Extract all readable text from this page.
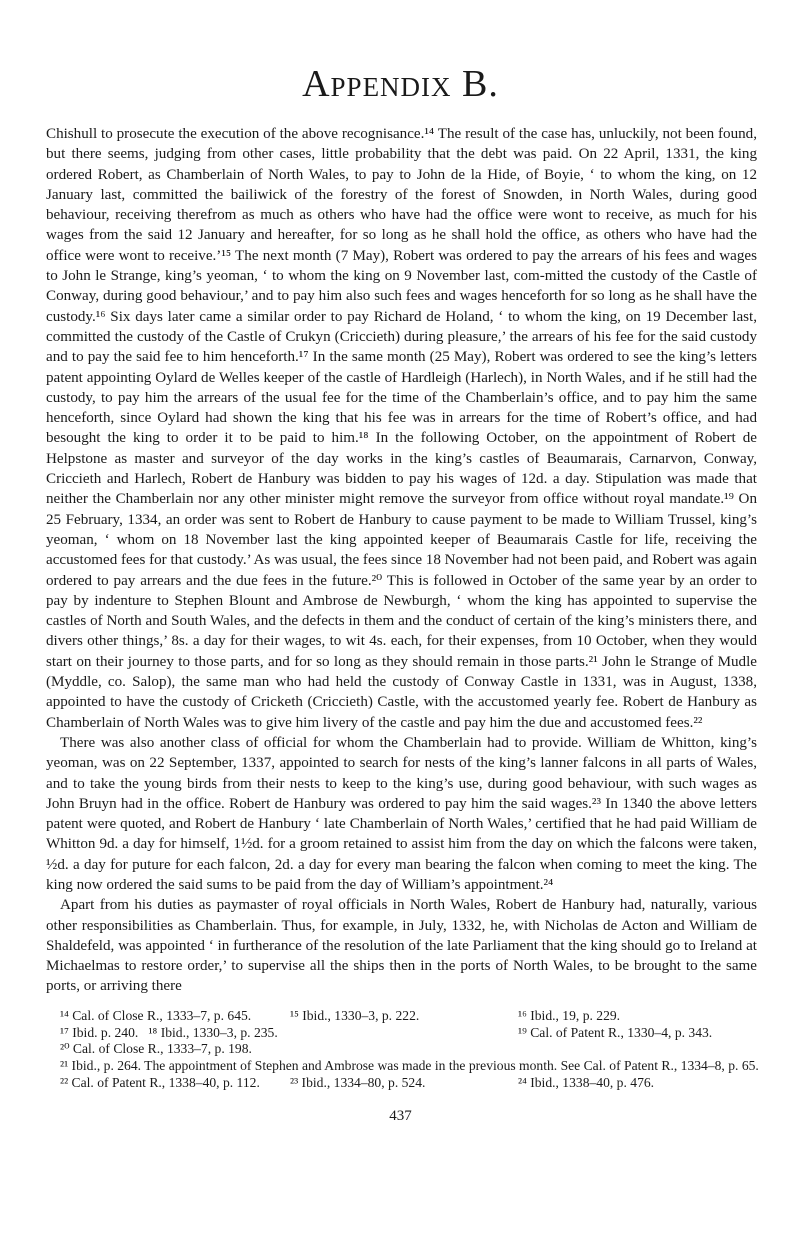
Appendix B.

Chishull to prosecute the execution of the above recognisance.¹⁴ The result of the case has, unluckily, not been found, but there seems, judging from other cases, little probability that the debt was paid. On 22 April, 1331, the king ordered Robert, as Chamberlain of North Wales, to pay to John de la Hide, of Boyie, ‘ to whom the king, on 12 January last, committed the bailiwick of the forestry of the forest of Snowden, in North Wales, during good behaviour, receiving therefrom as much as others who have had the office were wont to receive, as much for his wages from the said 12 January and hereafter, for so long as he shall hold the office, as others who have had the office were wont to receive.’¹⁵ The next month (7 May), Robert was ordered to pay the arrears of his fees and wages to John le Strange, king’s yeoman, ‘ to whom the king on 9 November last, com-mitted the custody of the Castle of Conway, during good behaviour,’ and to pay him also such fees and wages henceforth for so long as he shall have the custody.¹⁶ Six days later came a similar order to pay Richard de Holand, ‘ to whom the king, on 19 December last, committed the custody of the Castle of Crukyn (Criccieth) during pleasure,’ the arrears of his fee for the said custody and to pay the said fee to him henceforth.¹⁷ In the same month (25 May), Robert was ordered to see the king’s letters patent appointing Oylard de Welles keeper of the castle of Hardleigh (Harlech), in North Wales, and if he still had the custody, to pay him the arrears of the usual fee for the time of the Chamberlain’s office, and to pay him the same henceforth, since Oylard had shown the king that his fee was in arrears for the time of Robert’s office, and had besought the king to order it to be paid to him.¹⁸ In the following October, on the appointment of Robert de Helpstone as master and surveyor of the day works in the king’s castles of Beaumarais, Carnarvon, Conway, Criccieth and Harlech, Robert de Hanbury was bidden to pay his wages of 12d. a day. Stipulation was made that neither the Chamberlain nor any other minister might remove the surveyor from office without royal mandate.¹⁹ On 25 February, 1334, an order was sent to Robert de Hanbury to cause payment to be made to William Trussel, king’s yeoman, ‘ whom on 18 November last the king appointed keeper of Beaumarais Castle for life, receiving the accustomed fees for that custody.’ As was usual, the fees since 18 November had not been paid, and Robert was again ordered to pay arrears and the due fees in the future.²⁰ This is followed in October of the same year by an order to pay by indenture to Stephen Blount and Ambrose de Newburgh, ‘ whom the king has appointed to supervise the castles of North and South Wales, and the defects in them and the conduct of certain of the king’s ministers there, and divers other things,’ 8s. a day for their wages, to wit 4s. each, for their expenses, from 10 October, when they would start on their journey to those parts, and for so long as they should remain in those parts.²¹ John le Strange of Mudle (Myddle, co. Salop), the same man who had held the custody of Conway Castle in 1331, was in August, 1338, appointed to have the custody of Cricketh (Criccieth) Castle, with the accustomed yearly fee. Robert de Hanbury as Chamberlain of North Wales was to give him livery of the castle and pay him the due and accustomed fees.²²

There was also another class of official for whom the Chamberlain had to provide. William de Whitton, king’s yeoman, was on 22 September, 1337, appointed to search for nests of the king’s lanner falcons in all parts of Wales, and to take the young birds from their nests to keep to the king’s use, during good behaviour, with such wages as John Bruyn had in the office. Robert de Hanbury was ordered to pay him the said wages.²³ In 1340 the above letters patent were quoted, and Robert de Hanbury ‘ late Chamberlain of North Wales,’ certified that he had paid William de Whitton 9d. a day for himself, 1½d. for a groom retained to assist him from the day on which the falcons were taken, ½d. a day for puture for each falcon, 2d. a day for every man bearing the falcon when coming to meet the king. The king now ordered the said sums to be paid from the day of William’s appointment.²⁴

Apart from his duties as paymaster of royal officials in North Wales, Robert de Hanbury had, naturally, various other responsibilities as Chamberlain. Thus, for example, in July, 1332, he, with Nicholas de Acton and William de Shaldefeld, was appointed ‘ in furtherance of the resolution of the late Parliament that the king should go to Ireland at Michaelmas to restore order,’ to supervise all the ships then in the ports of North Wales, to be brought to the same ports, or arriving there

¹⁴ Cal. of Close R., 1333–7, p. 645.	¹⁵ Ibid., 1330–3, p. 222.	¹⁶ Ibid., 19, p. 229.
¹⁷ Ibid. p. 240.   ¹⁸ Ibid., 1330–3, p. 235.	¹⁹ Cal. of Patent R., 1330–4, p. 343.
²⁰ Cal. of Close R., 1333–7, p. 198.
²¹ Ibid., p. 264. The appointment of Stephen and Ambrose was made in the previous month. See Cal. of Patent R., 1334–8, p. 65.
²² Cal. of Patent R., 1338–40, p. 112.	²³ Ibid., 1334–80, p. 524.	²⁴ Ibid., 1338–40, p. 476.
437
